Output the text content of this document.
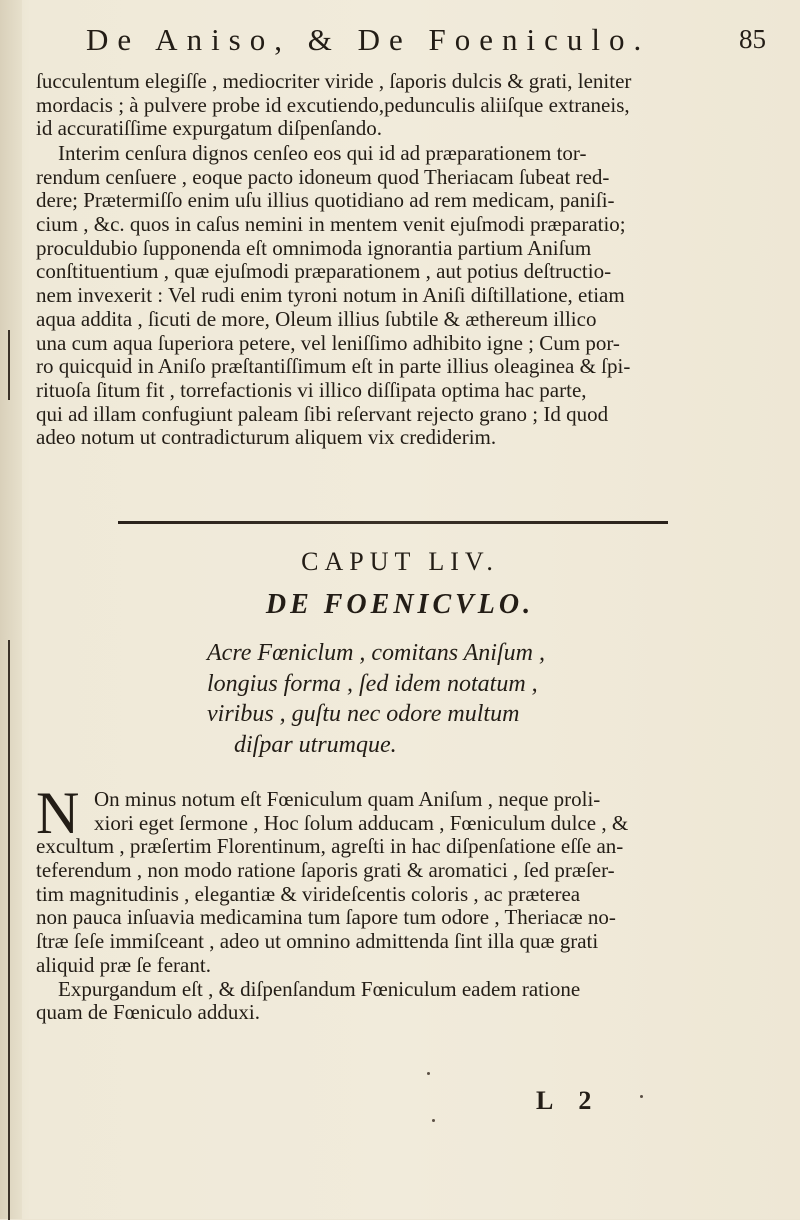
De Aniso, & De Foeniculo.	85
ſucculentum elegiſſe , mediocriter viride , ſaporis dulcis & grati, leniter
mordacis ; à pulvere probe id excutiendo,pedunculis aliiſque extraneis,
id accuratiſſime expurgatum diſpenſando.
Interim cenſura dignos cenſeo eos qui id ad præparationem tor-
rendum cenſuere , eoque pacto idoneum quod Theriacam ſubeat red-
dere; Prætermiſſo enim uſu illius quotidiano ad rem medicam, paniſi-
cium , &c. quos in caſus nemini in mentem venit ejuſmodi præparatio;
proculdubio ſupponenda eſt omnimoda ignorantia partium Aniſum
conſtituentium , quæ ejuſmodi præparationem , aut potius deſtructio-
nem invexerit : Vel rudi enim tyroni notum in Aniſi diſtillatione, etiam
aqua addita , ſicuti de more, Oleum illius ſubtile & æthereum illico
una cum aqua ſuperiora petere, vel leniſſimo adhibito igne ; Cum por-
ro quicquid in Aniſo præſtantiſſimum eſt in parte illius oleaginea & ſpi-
rituoſa ſitum fit , torrefactionis vi illico diſſipata optima hac parte,
qui ad illam confugiunt paleam ſibi reſervant rejecto grano ; Id quod
adeo notum ut contradicturum aliquem vix crediderim.
CAPUT LIV.
DE FOENICVLO.
Acre Fœniclum , comitans Aniſum ,
longius forma , ſed idem notatum ,
viribus , guſtu nec odore multum
diſpar utrumque.
N On minus notum eſt Fœniculum quam Aniſum , neque proli-
xiori eget ſermone , Hoc ſolum adducam , Fœniculum dulce , &
excultum , præſertim Florentinum, agreſti in hac diſpenſatione eſſe an-
teferendum , non modo ratione ſaporis grati & aromatici , ſed præſer-
tim magnitudinis , elegantiæ & virideſcentis coloris , ac præterea
non pauca inſuavia medicamina tum ſapore tum odore , Theriacæ no-
ſtræ ſeſe immiſceant , adeo ut omnino admittenda ſint illa quæ grati
aliquid præ ſe ferant.
Expurgandum eſt , & diſpenſandum Fœniculum eadem ratione
quam de Fœniculo adduxi.
L 2
